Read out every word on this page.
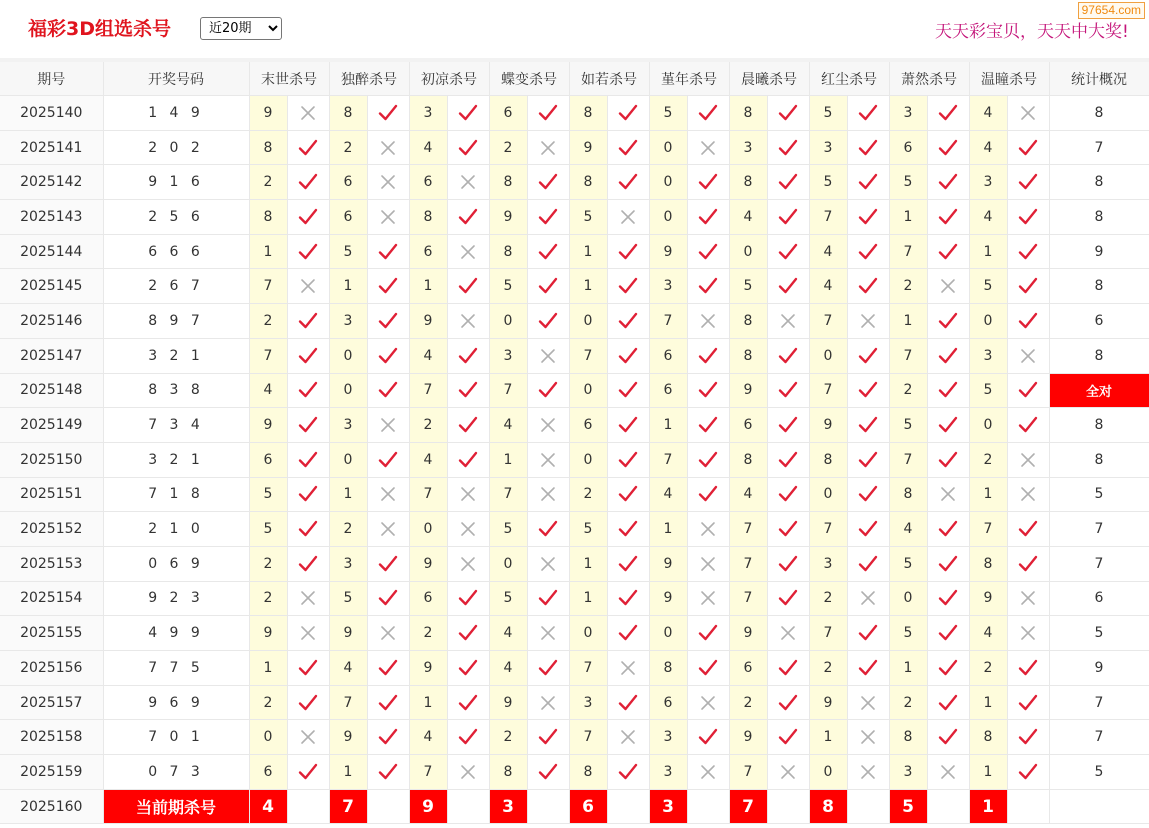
福彩3D组选杀号
近20期	天天彩宝贝，天天中大奖!
97654.com
期号	开奖号码	末世杀号		独醉杀号		初凉杀号		蝶变杀号		如若杀号		堇年杀号		晨曦杀号		红尘杀号		萧然杀号		温瞳杀号		统计概况
2025140	1 4 9	9		8		3		6		8		5		8		5		3		4		8
2025141	2 0 2	8		2		4		2		9		0		3		3		6		4		7
2025142	9 1 6	2		6		6		8		8		0		8		5		5		3		8
2025143	2 5 6	8		6		8		9		5		0		4		7		1		4		8
2025144	6 6 6	1		5		6		8		1		9		0		4		7		1		9
2025145	2 6 7	7		1		1		5		1		3		5		4		2		5		8
2025146	8 9 7	2		3		9		0		0		7		8		7		1		0		6
2025147	3 2 1	7		0		4		3		7		6		8		0		7		3		8
2025148	8 3 8	4		0		7		7		0		6		9		7		2		5		全对
2025149	7 3 4	9		3		2		4		6		1		6		9		5		0		8
2025150	3 2 1	6		0		4		1		0		7		8		8		7		2		8
2025151	7 1 8	5		1		7		7		2		4		4		0		8		1		5
2025152	2 1 0	5		2		0		5		5		1		7		7		4		7		7
2025153	0 6 9	2		3		9		0		1		9		7		3		5		8		7
2025154	9 2 3	2		5		6		5		1		9		7		2		0		9		6
2025155	4 9 9	9		9		2		4		0		0		9		7		5		4		5
2025156	7 7 5	1		4		9		4		7		8		6		2		1		2		9
2025157	9 6 9	2		7		1		9		3		6		2		9		2		1		7
2025158	7 0 1	0		9		4		2		7		3		9		1		8		8		7
2025159	0 7 3	6		1		7		8		8		3		7		0		3		1		5
2025160	当前期杀号	4		7		9		3		6		3		7		8		5		1		
